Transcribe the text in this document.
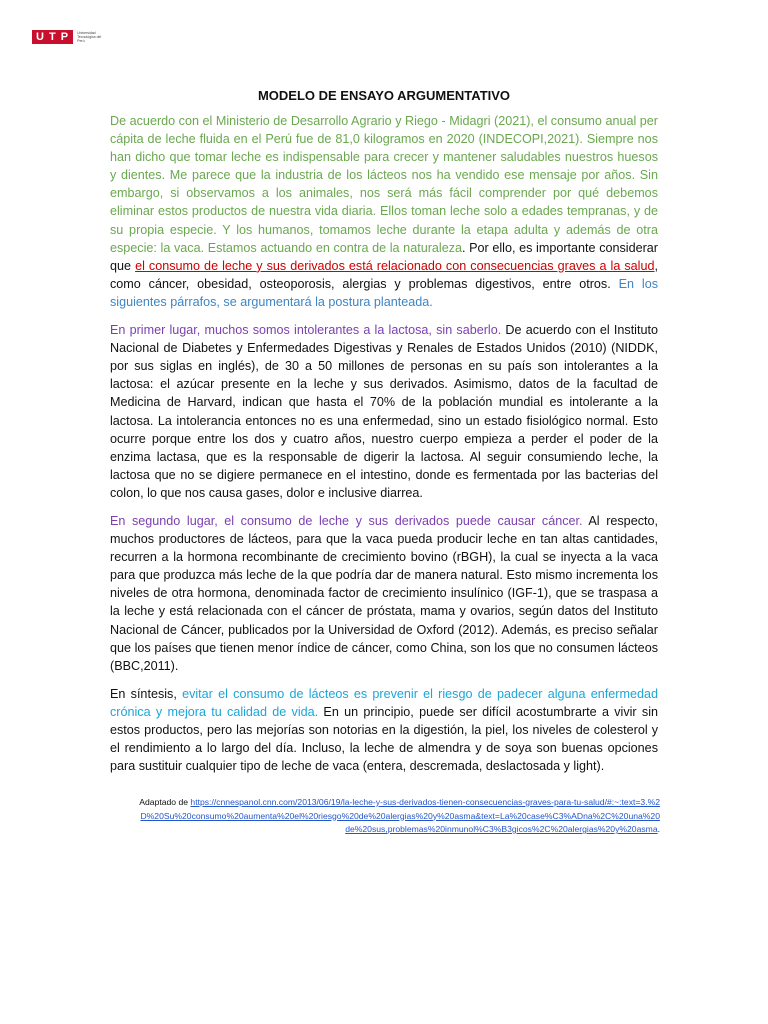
U T P	Universidad Tecnológica del Perú
MODELO DE ENSAYO ARGUMENTATIVO

De acuerdo con el Ministerio de Desarrollo Agrario y Riego - Midagri (2021), el consumo anual per cápita de leche fluida en el Perú fue de 81,0 kilogramos en 2020 (INDECOPI,2021). Siempre nos han dicho que tomar leche es indispensable para crecer y mantener saludables nuestros huesos y dientes. Me parece que la industria de los lácteos nos ha vendido ese mensaje por años. Sin embargo, si observamos a los animales, nos será más fácil comprender por qué debemos eliminar estos productos de nuestra vida diaria. Ellos toman leche solo a edades tempranas, y de su propia especie. Y los humanos, tomamos leche durante la etapa adulta y además de otra especie: la vaca. Estamos actuando en contra de la naturaleza. Por ello, es importante considerar que el consumo de leche y sus derivados está relacionado con consecuencias graves a la salud, como cáncer, obesidad, osteoporosis, alergias y problemas digestivos, entre otros. En los siguientes párrafos, se argumentará la postura planteada.

En primer lugar, muchos somos intolerantes a la lactosa, sin saberlo. De acuerdo con el Instituto Nacional de Diabetes y Enfermedades Digestivas y Renales de Estados Unidos (2010) (NIDDK, por sus siglas en inglés), de 30 a 50 millones de personas en su país son intolerantes a la lactosa: el azúcar presente en la leche y sus derivados. Asimismo, datos de la facultad de Medicina de Harvard, indican que hasta el 70% de la población mundial es intolerante a la lactosa. La intolerancia entonces no es una enfermedad, sino un estado fisiológico normal. Esto ocurre porque entre los dos y cuatro años, nuestro cuerpo empieza a perder el poder de la enzima lactasa, que es la responsable de digerir la lactosa. Al seguir consumiendo leche, la lactosa que no se digiere permanece en el intestino, donde es fermentada por las bacterias del colon, lo que nos causa gases, dolor e inclusive diarrea.

En segundo lugar, el consumo de leche y sus derivados puede causar cáncer. Al respecto, muchos productores de lácteos, para que la vaca pueda producir leche en tan altas cantidades, recurren a la hormona recombinante de crecimiento bovino (rBGH), la cual se inyecta a la vaca para que produzca más leche de la que podría dar de manera natural. Esto mismo incrementa los niveles de otra hormona, denominada factor de crecimiento insulínico (IGF-1), que se traspasa a la leche y está relacionada con el cáncer de próstata, mama y ovarios, según datos del Instituto Nacional de Cáncer, publicados por la Universidad de Oxford (2012). Además, es preciso señalar que los países que tienen menor índice de cáncer, como China, son los que no consumen lácteos (BBC,2011).

En síntesis, evitar el consumo de lácteos es prevenir el riesgo de padecer alguna enfermedad crónica y mejora tu calidad de vida. En un principio, puede ser difícil acostumbrarte a vivir sin estos productos, pero las mejorías son notorias en la digestión, la piel, los niveles de colesterol y el rendimiento a lo largo del día. Incluso, la leche de almendra y de soya son buenas opciones para sustituir cualquier tipo de leche de vaca (entera, descremada, deslactosada y light).

Adaptado de https://cnnespanol.cnn.com/2013/06/19/la-leche-y-sus-derivados-tienen-consecuencias-graves-para-tu-salud/#:~:text=3.%2D%20Su%20consumo%20aumenta%20el%20riesgo%20de%20alergias%20y%20asma&text=La%20case%C3%ADna%2C%20una%20de%20sus,problemas%20inmunol%C3%B3gicos%2C%20alergias%20y%20asma.
